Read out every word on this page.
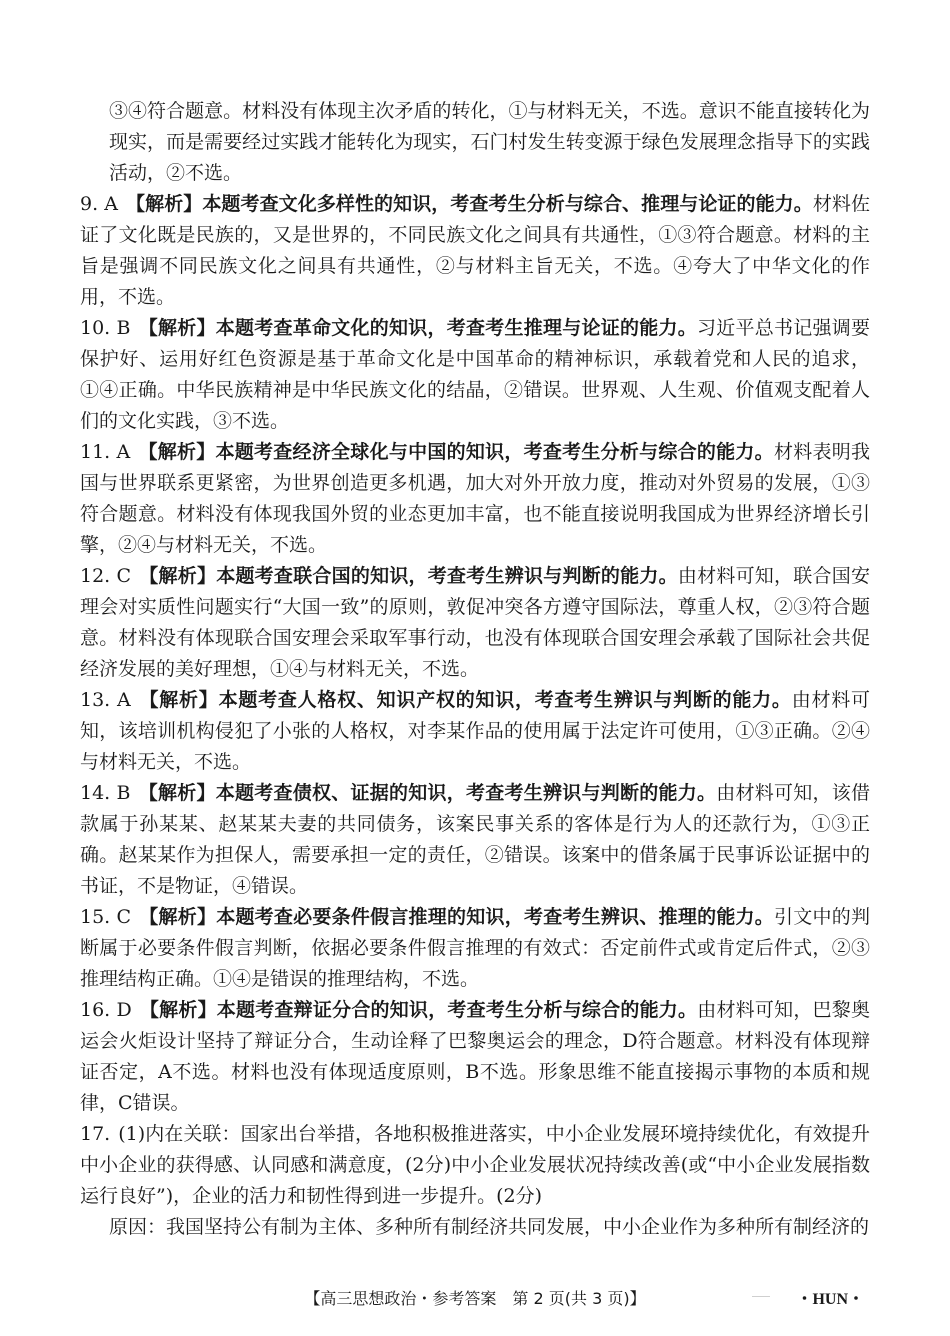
③④符合题意。材料没有体现主次矛盾的转化，①与材料无关，不选。意识不能直接转化为现实，而是需要经过实践才能转化为现实，石门村发生转变源于绿色发展理念指导下的实践活动，②不选。
9. A 【解析】本题考查文化多样性的知识，考查考生分析与综合、推理与论证的能力。材料佐证了文化既是民族的，又是世界的，不同民族文化之间具有共通性，①③符合题意。材料的主旨是强调不同民族文化之间具有共通性，②与材料主旨无关，不选。④夸大了中华文化的作用，不选。
10. B 【解析】本题考查革命文化的知识，考查考生推理与论证的能力。习近平总书记强调要保护好、运用好红色资源是基于革命文化是中国革命的精神标识，承载着党和人民的追求，①④正确。中华民族精神是中华民族文化的结晶，②错误。世界观、人生观、价值观支配着人们的文化实践，③不选。
11. A 【解析】本题考查经济全球化与中国的知识，考查考生分析与综合的能力。材料表明我国与世界联系更紧密，为世界创造更多机遇，加大对外开放力度，推动对外贸易的发展，①③符合题意。材料没有体现我国外贸的业态更加丰富，也不能直接说明我国成为世界经济增长引擎，②④与材料无关，不选。
12. C 【解析】本题考查联合国的知识，考查考生辨识与判断的能力。由材料可知，联合国安理会对实质性问题实行“大国一致”的原则，敦促冲突各方遵守国际法，尊重人权，②③符合题意。材料没有体现联合国安理会采取军事行动，也没有体现联合国安理会承载了国际社会共促经济发展的美好理想，①④与材料无关，不选。
13. A 【解析】本题考查人格权、知识产权的知识，考查考生辨识与判断的能力。由材料可知，该培训机构侵犯了小张的人格权，对李某作品的使用属于法定许可使用，①③正确。②④与材料无关，不选。
14. B 【解析】本题考查债权、证据的知识，考查考生辨识与判断的能力。由材料可知，该借款属于孙某某、赵某某夫妻的共同债务，该案民事关系的客体是行为人的还款行为，①③正确。赵某某作为担保人，需要承担一定的责任，②错误。该案中的借条属于民事诉讼证据中的书证，不是物证，④错误。
15. C 【解析】本题考查必要条件假言推理的知识，考查考生辨识、推理的能力。引文中的判断属于必要条件假言判断，依据必要条件假言推理的有效式：否定前件式或肯定后件式，②③推理结构正确。①④是错误的推理结构，不选。
16. D 【解析】本题考查辩证分合的知识，考查考生分析与综合的能力。由材料可知，巴黎奥运会火炬设计坚持了辩证分合，生动诠释了巴黎奥运会的理念，D符合题意。材料没有体现辩证否定，A不选。材料也没有体现适度原则，B不选。形象思维不能直接揭示事物的本质和规律，C错误。
17. (1)内在关联：国家出台举措，各地积极推进落实，中小企业发展环境持续优化，有效提升中小企业的获得感、认同感和满意度，(2分)中小企业发展状况持续改善(或“中小企业发展指数运行良好”)，企业的活力和韧性得到进一步提升。(2分)
原因：我国坚持公有制为主体、多种所有制经济共同发展，中小企业作为多种所有制经济的
【高三思想政治・参考答案　第 2 页(共 3 页)】	・HUN・
